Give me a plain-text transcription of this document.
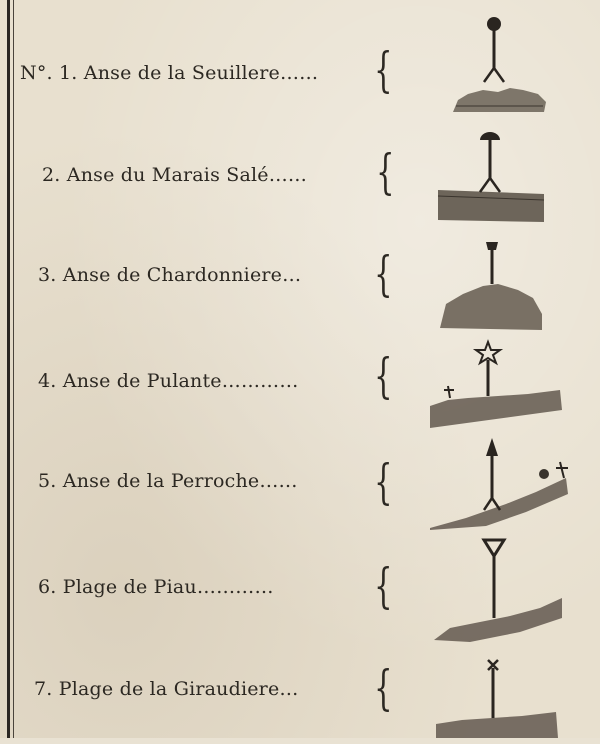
N°. 1. Anse de la Seuillere…… {
2. Anse du Marais Salé…… {
3. Anse de Chardonniere… {
4. Anse de Pulante………… {
5. Anse de la Perroche…… {
6. Plage de Piau………… {
7. Plage de la Giraudiere… {
